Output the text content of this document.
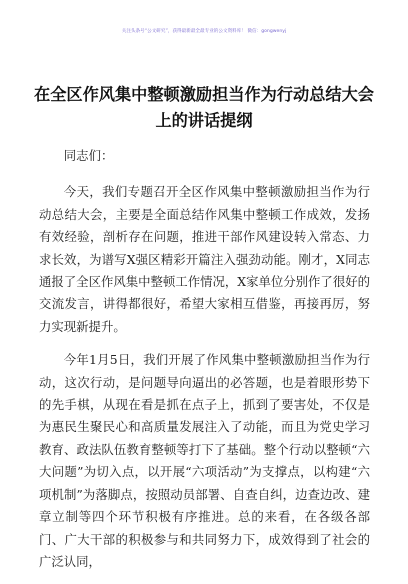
关注头条号“公文研究”，获得最新最全最专业的公文资料库！ 微信：gongwenyj
在全区作风集中整顿激励担当作为行动总结大会上的讲话提纲

同志们：

今天，我们专题召开全区作风集中整顿激励担当作为行动总结大会，主要是全面总结作风集中整顿工作成效，发扬有效经验，剖析存在问题，推进干部作风建设转入常态、力求长效，为谱写X强区精彩开篇注入强劲动能。刚才，X同志通报了全区作风集中整顿工作情况，X家单位分别作了很好的交流发言，讲得都很好，希望大家相互借鉴，再接再厉，努力实现新提升。

今年1月5日，我们开展了作风集中整顿激励担当作为行动，这次行动，是问题导向逼出的必答题，也是着眼形势下的先手棋，从现在看是抓在点子上，抓到了要害处，不仅是为惠民生聚民心和高质量发展注入了动能，而且为党史学习教育、政法队伍教育整顿等打下了基础。整个行动以整顿“六大问题”为切入点，以开展“六项活动”为支撑点，以构建“六项机制”为落脚点，按照动员部署、自查自纠，边查边改、建章立制等四个环节积极有序推进。总的来看，在各级各部门、广大干部的积极参与和共同努力下，成效得到了社会的广泛认同，
